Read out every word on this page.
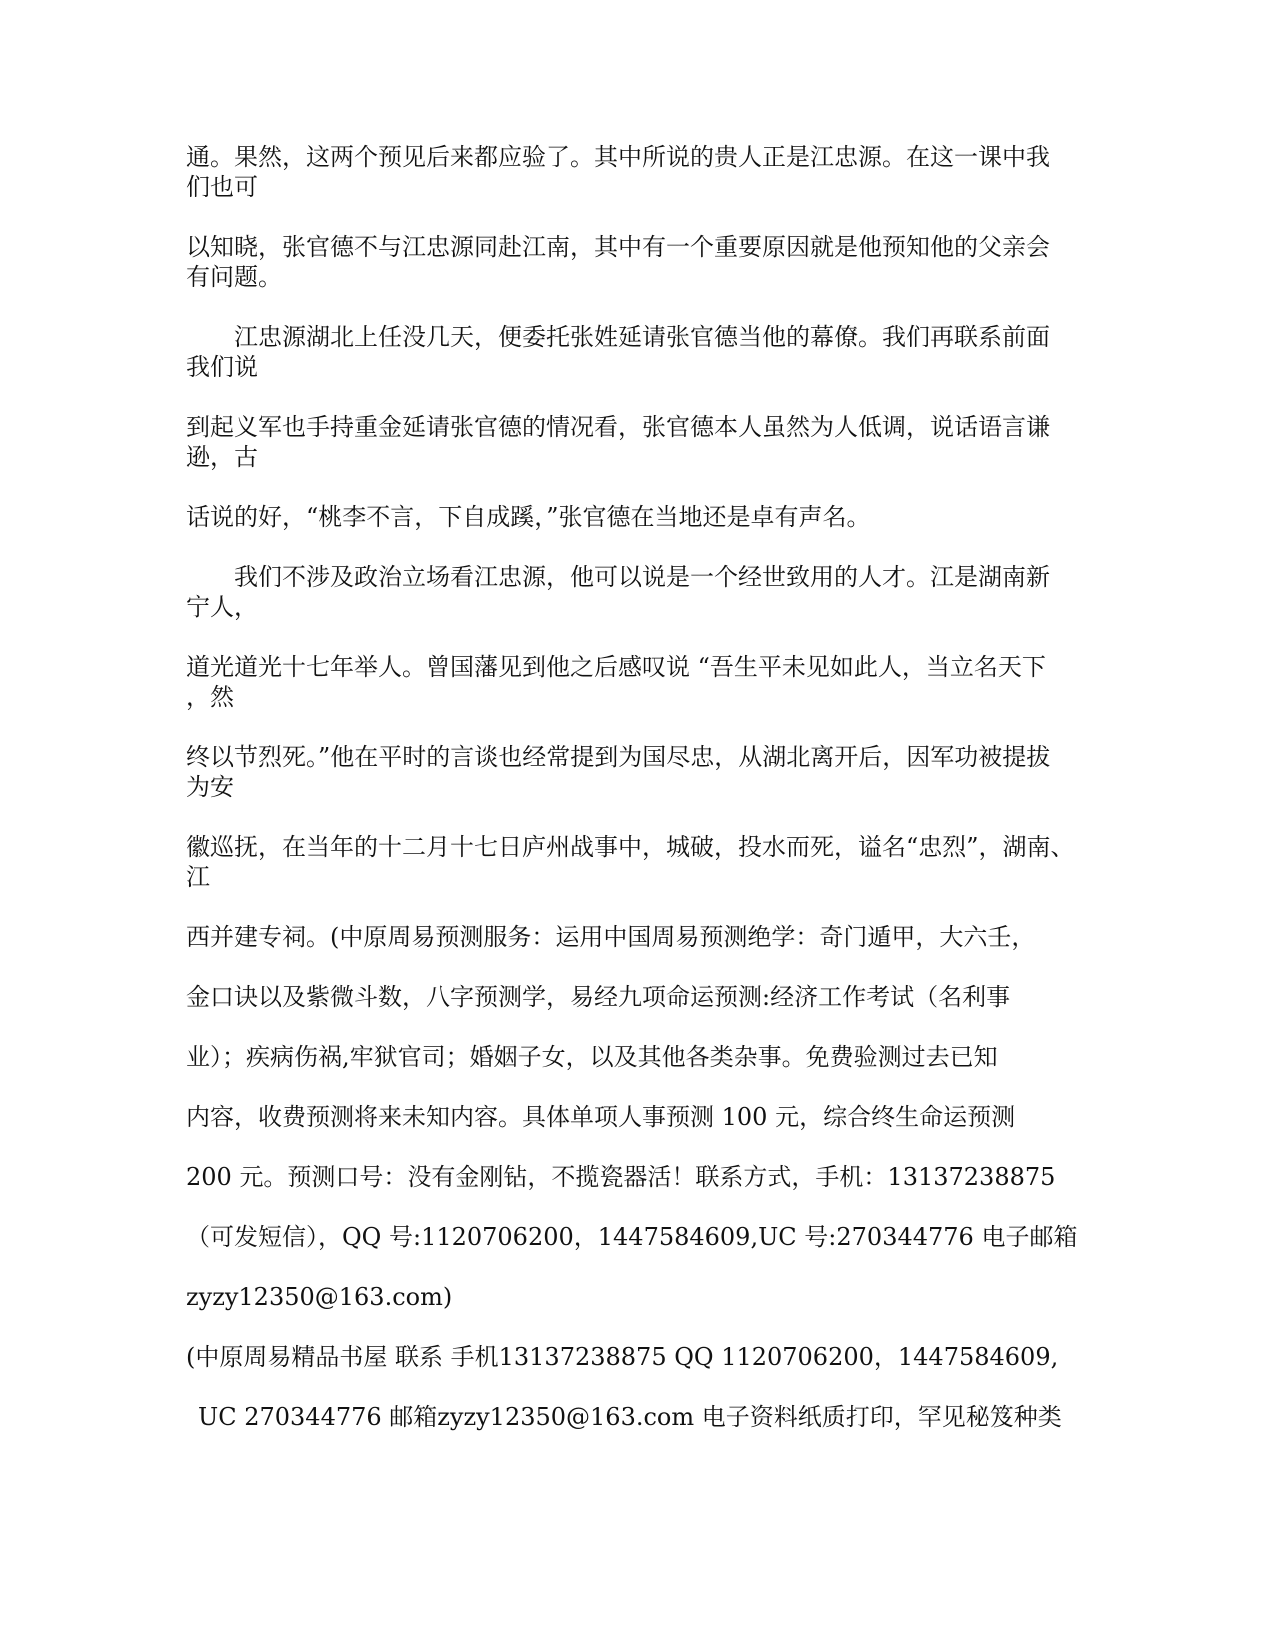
通。果然，这两个预见后来都应验了。其中所说的贵人正是江忠源。在这一课中我
们也可
以知晓，张官德不与江忠源同赴江南，其中有一个重要原因就是他预知他的父亲会
有问题。
江忠源湖北上任没几天，便委托张姓延请张官德当他的幕僚。我们再联系前面
我们说
到起义军也手持重金延请张官德的情况看，张官德本人虽然为人低调，说话语言谦
逊，古
话说的好，“桃李不言，下自成蹊，”张官德在当地还是卓有声名。
我们不涉及政治立场看江忠源，他可以说是一个经世致用的人才。江是湖南新
宁人，
道光道光十七年举人。曾国藩见到他之后感叹说 “吾生平未见如此人，当立名天下
，然
终以节烈死。”他在平时的言谈也经常提到为国尽忠，从湖北离开后，因军功被提拔
为安
徽巡抚，在当年的十二月十七日庐州战事中，城破，投水而死，谥名“忠烈”，湖南、
江
西并建专祠。(中原周易预测服务：运用中国周易预测绝学：奇门遁甲，大六壬，
金口诀以及紫微斗数，八字预测学，易经九项命运预测:经济工作考试（名利事
业）；疾病伤祸,牢狱官司；婚姻子女，以及其他各类杂事。免费验测过去已知
内容，收费预测将来未知内容。具体单项人事预测 100 元，综合终生命运预测
200 元。预测口号：没有金刚钻，不揽瓷器活！联系方式，手机：13137238875
（可发短信），QQ 号:1120706200，1447584609,UC 号:270344776 电子邮箱
zyzy12350@163.com)
(中原周易精品书屋 联系 手机13137238875 QQ 1120706200，1447584609,
UC 270344776 邮箱zyzy12350@163.com 电子资料纸质打印，罕见秘笈种类
